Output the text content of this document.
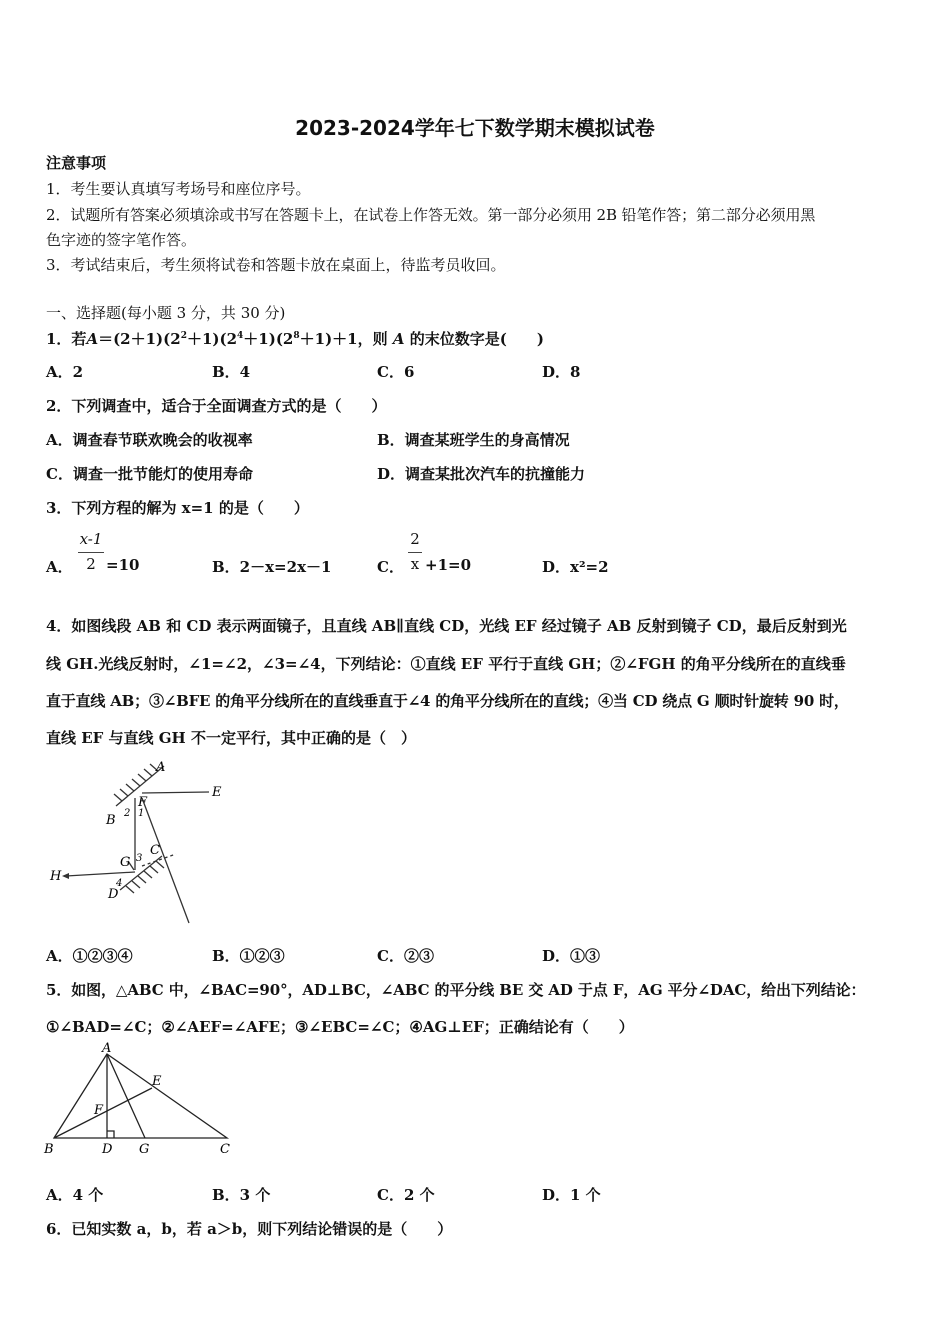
2023-2024学年七下数学期末模拟试卷
注意事项
1．考生要认真填写考场号和座位序号。
2．试题所有答案必须填涂或书写在答题卡上，在试卷上作答无效。第一部分必须用 2B 铅笔作答；第二部分必须用黑
色字迹的签字笔作答。
3．考试结束后，考生须将试卷和答题卡放在桌面上，待监考员收回。
一、选择题(每小题 3 分，共 30 分)
1．若$A=(2+1)(2^2+1)(2^4+1)(2^8+1)+1$，则 A 的末位数字是(　　)
A．2	B．4	C．6	D．8
2．下列调查中，适合于全面调查方式的是（　　）
A．调查春节联欢晚会的收视率	B．调查某班学生的身高情况
C．调查一批节能灯的使用寿命	D．调查某批次汽车的抗撞能力
3．下列方程的解为 x=1 的是（　　）
A．
x-1
2 =10	B．2－x=2x－1	C．
2
x +1=0	D．x²=2
4．如图线段 AB 和 CD 表示两面镜子，且直线 AB∥直线 CD，光线 EF 经过镜子 AB 反射到镜子 CD，最后反射到光
线 GH.光线反射时，∠1=∠2，∠3=∠4，下列结论：①直线 EF 平行于直线 GH；②∠FGH 的角平分线所在的直线垂
直于直线 AB；③∠BFE 的角平分线所在的直线垂直于∠4 的角平分线所在的直线；④当 CD 绕点 G 顺时针旋转 90 时，
直线 EF 与直线 GH 不一定平行，其中正确的是（　）
A
E
F
B 2 1
G
C
3
H	4
D
A．①②③④	B．①②③	C．②③	D．①③
5．如图，△ABC 中，∠BAC=90°，AD⊥BC，∠ABC 的平分线 BE 交 AD 于点 F，AG 平分∠DAC，给出下列结论：
①∠BAD=∠C；②∠AEF=∠AFE；③∠EBC=∠C；④AG⊥EF；正确结论有（　　）
A
E
F
B	D G	C
A．4 个	B．3 个	C．2 个	D．1 个
6．已知实数 a，b，若 a＞b，则下列结论错误的是（　　）
